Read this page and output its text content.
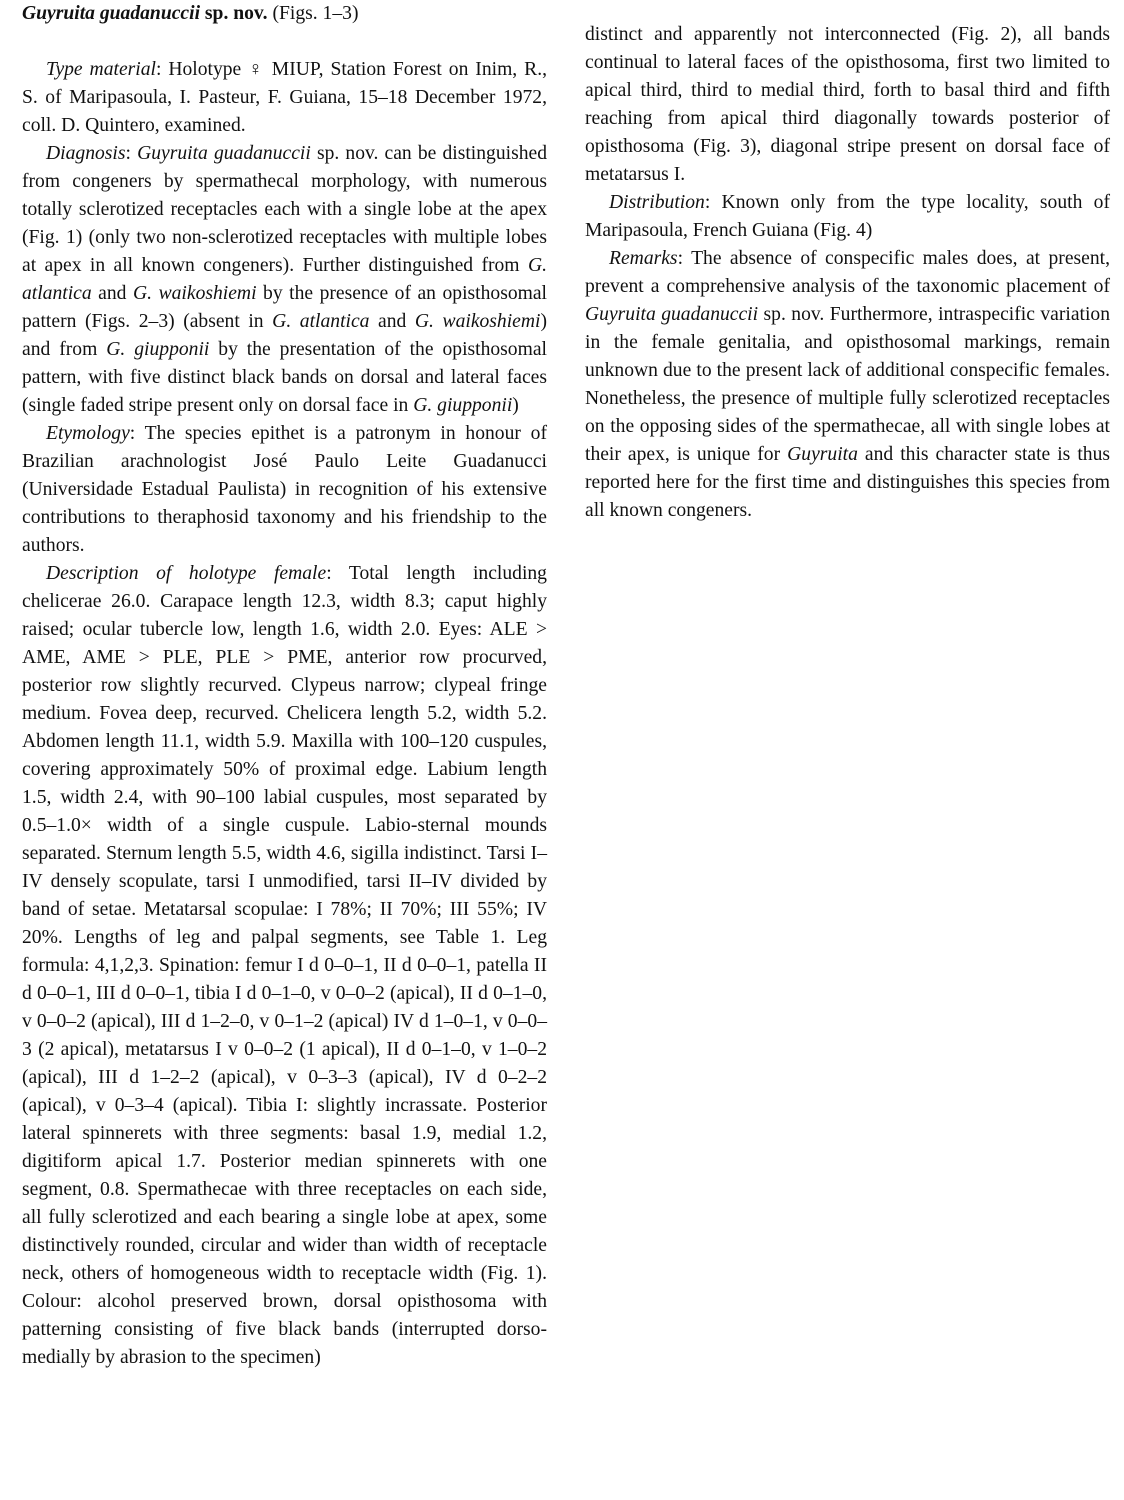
Guyruita guadanuccii sp. nov. (Figs. 1–3)

Type material: Holotype ♀ MIUP, Station Forest on Inim, R., S. of Maripasoula, I. Pasteur, F. Guiana, 15–18 December 1972, coll. D. Quintero, examined.

Diagnosis: Guyruita guadanuccii sp. nov. can be distinguished from congeners by spermathecal morphology, with numerous totally sclerotized receptacles each with a single lobe at the apex (Fig. 1) (only two non-sclerotized receptacles with multiple lobes at apex in all known congeners). Further distinguished from G. atlantica and G. waikoshiemi by the presence of an opisthosomal pattern (Figs. 2–3) (absent in G. atlantica and G. waikoshiemi) and from G. giupponii by the presentation of the opisthosomal pattern, with five distinct black bands on dorsal and lateral faces (single faded stripe present only on dorsal face in G. giupponii)

Etymology: The species epithet is a patronym in honour of Brazilian arachnologist José Paulo Leite Guadanucci (Universidade Estadual Paulista) in recognition of his extensive contributions to theraphosid taxonomy and his friendship to the authors.

Description of holotype female: Total length including chelicerae 26.0. Carapace length 12.3, width 8.3; caput highly raised; ocular tubercle low, length 1.6, width 2.0. Eyes: ALE > AME, AME > PLE, PLE > PME, anterior row procurved, posterior row slightly recurved. Clypeus narrow; clypeal fringe medium. Fovea deep, recurved. Chelicera length 5.2, width 5.2. Abdomen length 11.1, width 5.9. Maxilla with 100–120 cuspules, covering approximately 50% of proximal edge. Labium length 1.5, width 2.4, with 90–100 labial cuspules, most separated by 0.5–1.0× width of a single cuspule. Labio-sternal mounds separated. Sternum length 5.5, width 4.6, sigilla indistinct. Tarsi I–IV densely scopulate, tarsi I unmodified, tarsi II–IV divided by band of setae. Metatarsal scopulae: I 78%; II 70%; III 55%; IV 20%. Lengths of leg and palpal segments, see Table 1. Leg formula: 4,1,2,3. Spination: femur I d 0–0–1, II d 0–0–1, patella II d 0–0–1, III d 0–0–1, tibia I d 0–1–0, v 0–0–2 (apical), II d 0–1–0, v 0–0–2 (apical), III d 1–2–0, v 0–1–2 (apical) IV d 1–0–1, v 0–0–3 (2 apical), metatarsus I v 0–0–2 (1 apical), II d 0–1–0, v 1–0–2 (apical), III d 1–2–2 (apical), v 0–3–3 (apical), IV d 0–2–2 (apical), v 0–3–4 (apical). Tibia I: slightly incrassate. Posterior lateral spinnerets with three segments: basal 1.9, medial 1.2, digitiform apical 1.7. Posterior median spinnerets with one segment, 0.8. Spermathecae with three receptacles on each side, all fully sclerotized and each bearing a single lobe at apex, some distinctively rounded, circular and wider than width of receptacle neck, others of homogeneous width to receptacle width (Fig. 1). Colour: alcohol preserved brown, dorsal opisthosoma with patterning consisting of five black bands (interrupted dorso-medially by abrasion to the specimen)

distinct and apparently not interconnected (Fig. 2), all bands continual to lateral faces of the opisthosoma, first two limited to apical third, third to medial third, forth to basal third and fifth reaching from apical third diagonally towards posterior of opisthosoma (Fig. 3), diagonal stripe present on dorsal face of metatarsus I.

Distribution: Known only from the type locality, south of Maripasoula, French Guiana (Fig. 4)

Remarks: The absence of conspecific males does, at present, prevent a comprehensive analysis of the taxonomic placement of Guyruita guadanuccii sp. nov. Furthermore, intraspecific variation in the female genitalia, and opisthosomal markings, remain unknown due to the present lack of additional conspecific females. Nonetheless, the presence of multiple fully sclerotized receptacles on the opposing sides of the spermathecae, all with single lobes at their apex, is unique for Guyruita and this character state is thus reported here for the first time and distinguishes this species from all known congeners.
